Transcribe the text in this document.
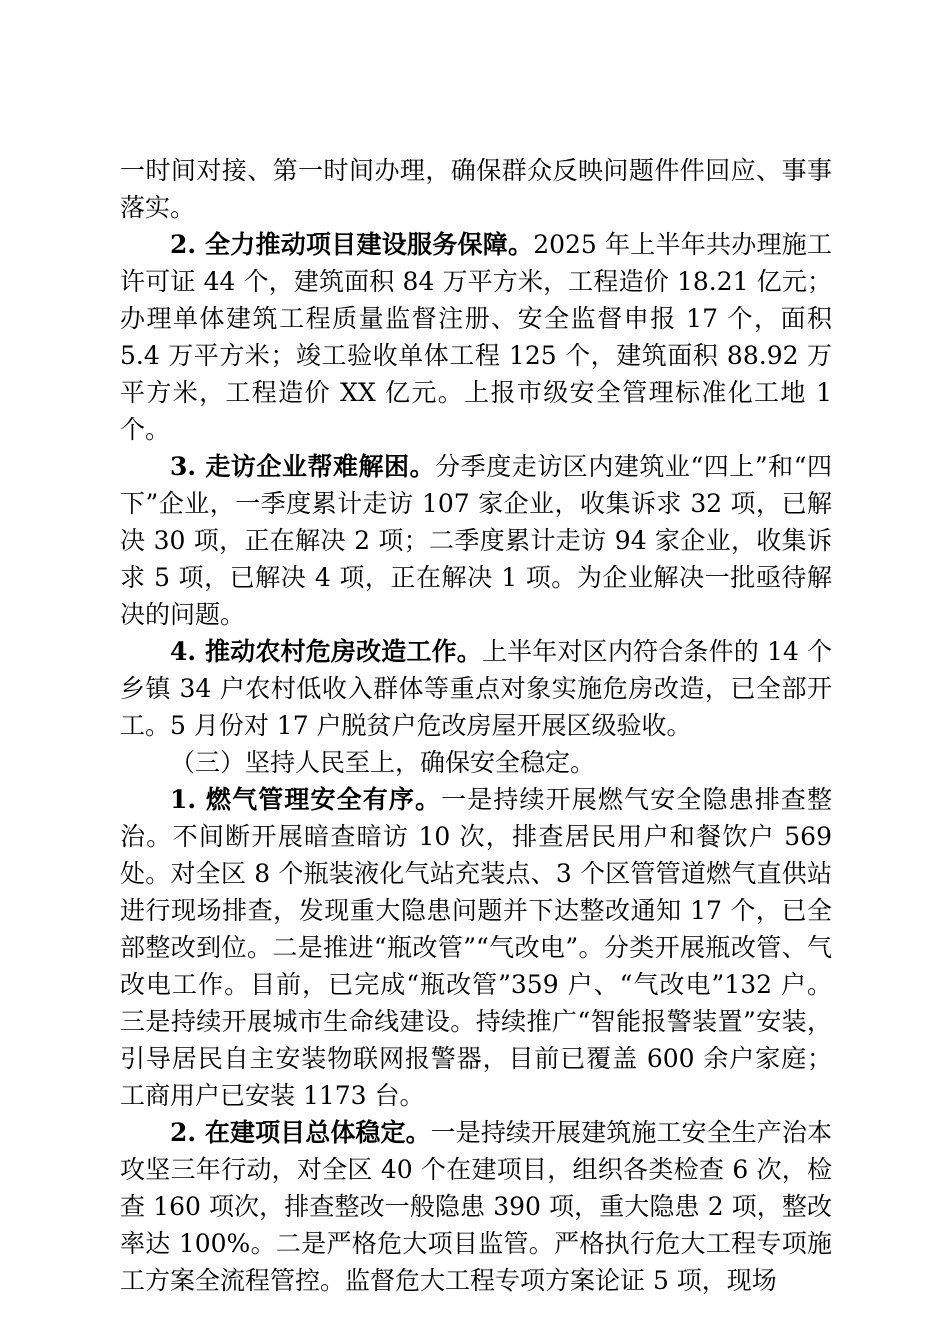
一时间对接、第一时间办理，确保群众反映问题件件回应、事事落实。

2. 全力推动项目建设服务保障。2025 年上半年共办理施工许可证 44 个，建筑面积 84 万平方米，工程造价 18.21 亿元；办理单体建筑工程质量监督注册、安全监督申报 17 个，面积 5.4 万平方米；竣工验收单体工程 125 个，建筑面积 88.92 万平方米，工程造价 XX 亿元。上报市级安全管理标准化工地 1 个。

3. 走访企业帮难解困。分季度走访区内建筑业“四上”和“四下”企业，一季度累计走访 107 家企业，收集诉求 32 项，已解决 30 项，正在解决 2 项；二季度累计走访 94 家企业，收集诉求 5 项，已解决 4 项，正在解决 1 项。为企业解决一批亟待解决的问题。

4. 推动农村危房改造工作。上半年对区内符合条件的 14 个乡镇 34 户农村低收入群体等重点对象实施危房改造，已全部开工。5 月份对 17 户脱贫户危改房屋开展区级验收。

（三）坚持人民至上，确保安全稳定。

1. 燃气管理安全有序。一是持续开展燃气安全隐患排查整治。不间断开展暗查暗访 10 次，排查居民用户和餐饮户 569 处。对全区 8 个瓶装液化气站充装点、3 个区管管道燃气直供站进行现场排查，发现重大隐患问题并下达整改通知 17 个，已全部整改到位。二是推进“瓶改管”“气改电”。分类开展瓶改管、气改电工作。目前，已完成“瓶改管”359 户、“气改电”132 户。三是持续开展城市生命线建设。持续推广“智能报警装置”安装，引导居民自主安装物联网报警器，目前已覆盖 600 余户家庭；工商用户已安装 1173 台。

2. 在建项目总体稳定。一是持续开展建筑施工安全生产治本攻坚三年行动，对全区 40 个在建项目，组织各类检查 6 次，检查 160 项次，排查整改一般隐患 390 项，重大隐患 2 项，整改率达 100%。二是严格危大项目监管。严格执行危大工程专项施工方案全流程管控。监督危大工程专项方案论证 5 项，现场
